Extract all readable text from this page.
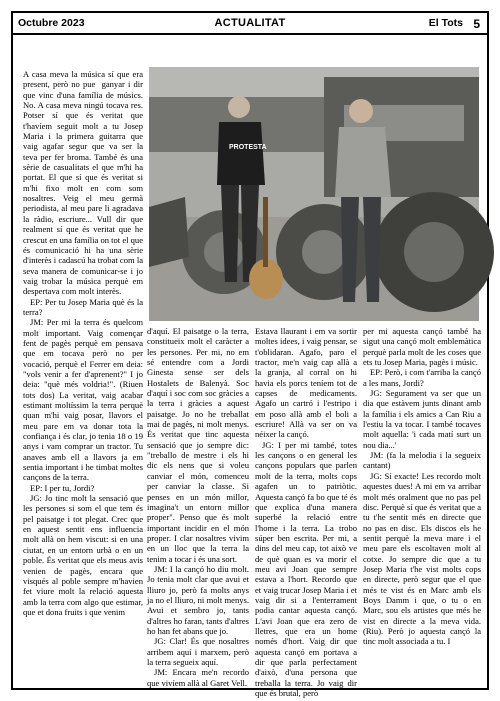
Octubre 2023	ACTUALITAT	El Tots 5
PROTESTA

A casa meva la música sí que era present, però no pue ganyar i dir que vinc d'una família de músics. No. A casa meva ningú tocava res. Potser sí que és veritat que t'havíem seguit molt a tu Josep Maria i la primera guitarra que vaig agafar segur que va ser la teva per fer broma. També és una sèrie de casualitats el que m'hi ha portat. El que sí que és veritat si m'hi fixo molt en com som nosaltres. Veig el meu germà periodista, al meu pare li agradava la ràdio, escriure... Vull dir que realment sí que és veritat que he crescut en una família on tot el que és comunicació hi ha una sèrie d'interès i cadascú ha trobat com la seva manera de comunicar-se i jo vaig trobar la música perquè em despertava com molt interès.

EP: Per tu Josep Maria què és la terra?

JM: Per mi la terra és quelcom molt important. Vaig començar fent de pagès perquè em pensava que em tocava però no per vocació, perquè el Ferrer em deia: "vols venir a fer d'aprenent?" I jo deia: "què més voldria!". (Riuen tots dos) La veritat, vaig acabar estimant moltíssim la terra perquè quan m'hi vaig posar, llavors el meu pare em va donar tota la confiança i és clar, jo tenia 18 o 19 anys i vam comprar un tractor. Tu anaves amb ell a llavors ja em sentia important i he timbat moltes cançons de la terra.

EP: I per tu, Jordi?

JG: Jo tinc molt la sensació que les persones si som el que tem és pel paisatge i tot plegat. Crec que en aquest sentit ens influencia molt allà on hem viscut: si en una ciutat, en un entorn urbà o en un poble. És veritat que els meus avis venien de pagès, encara que visqués al poble sempre m'havien fet viure molt la relació aquesta amb la terra com algo que estimar, que et dona fruits i que venim

d'aquí. El paisatge o la terra, constitueix molt el caràcter a les persones. Per mi, no em sé entendre com a Jordi Ginesta sense ser dels Hostalets de Balenyà. Soc d'aquí i soc com soc gràcies a la terra i gràcies a aquest paisatge. Jo no he treballat mai de pagès, ni molt menys. És veritat que tinc aquesta sensació que jo sempre dic: "treballo de mestre i els hi dic els nens que si voleu canviar el món, comenceu per canviar la classe. Si penses en un món millor, imagina't un entorn millor proper". Penso que és molt important incidir en el món proper. I clar nosaltres vivim en un lloc que la terra la tenim a tocar i és una sort.

JM: I la cançó ho diu molt. Jo tenia molt clar que avui et lliuro jo, però fa molts anys ja no el lliuro, ni molt menys. Avui et sembro jo, tants d'altres ho faran, tants d'altres ho han fet abans que jo.

JG: Clar! És que nosaltres arribem aquí i marxem, però la terra segueix aquí.

JM: Encara me'n recordo que vivíem allà al Garet Vell.

Estava llaurant i em va sortir moltes idees, i vaig pensar, se t'oblidaran. Agafo, paro el tractor, me'n vaig cap allà a la granja, al corral on hi havia els porcs teníem tot de capses de medicaments. Agafo un cartró i l'estripo i em poso allà amb el boli a escriure! Allà va ser on va néixer la cançó.

JG: I per mi també, totes les cançons o en general les cançons populars que parlen molt de la terra, molts cops agafen un to patriòtic. Aquesta cançó fa bo que té és que explica d'una manera superbé la relació entre l'home i la terra. La trobo súper ben escrita. Per mi, a dins del meu cap, tot això ve de què quan es va morir el meu avi Joan que sempre estava a l'hort. Recordo que et vaig trucar Josep Maria i et vaig dir si a l'enterrament podia cantar aquesta cançó. L'avi Joan que era zero de lletres, que era un home només d'hort. Vaig dir que aquesta cançó em portava a dir que parla perfectament d'això, d'una persona que treballa la terra. Jo vaig dir que és brutal, però

per mi aquesta cançó també ha sigut una cançó molt emblemàtica perquè parla molt de les coses que ets tu Josep Maria, pagès i músic.

EP: Però, i com t'arriba la cançó a les mans, Jordi?

JG: Segurament va ser que un dia que estàvem junts dinant amb la família i els amics a Can Riu a l'estiu la va tocar. I també tocaves molt aquella: 'i cada matí surt un nou dia...'

JM: (fa la melodia i la segueix cantant)

JG: Sí exacte! Les recordo molt aquestes dues! A mi em va arribar molt més oralment que no pas pel disc. Perquè sí que és veritat que a tu t'he sentit més en directe que no pas en disc. Els discos els he sentit perquè la meva mare i el meu pare els escoltaven molt al cotxe. Jo sempre dic que a tu Josep Maria t'he vist molts cops en directe, però segur que el que més te vist és en Marc amb els Boys Damm i que, o tu o en Marc, sou els artistes que més he vist en directe a la meva vida. (Riu). Però jo aquesta cançó la tinc molt associada a tu. I
